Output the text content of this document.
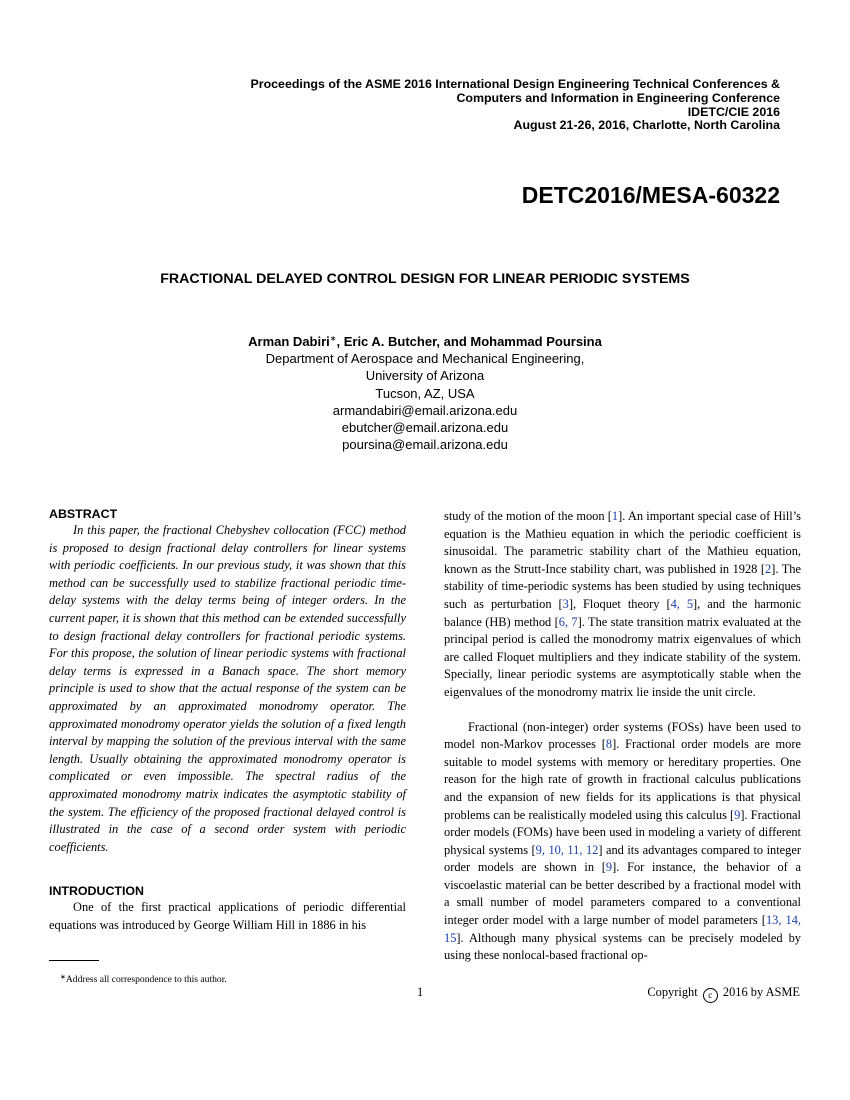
Proceedings of the ASME 2016 International Design Engineering Technical Conferences &
Computers and Information in Engineering Conference
IDETC/CIE 2016
August 21-26, 2016, Charlotte, North Carolina
DETC2016/MESA-60322
FRACTIONAL DELAYED CONTROL DESIGN FOR LINEAR PERIODIC SYSTEMS
Arman Dabiri∗, Eric A. Butcher, and Mohammad Poursina
Department of Aerospace and Mechanical Engineering,
University of Arizona
Tucson, AZ, USA
armandabiri@email.arizona.edu
ebutcher@email.arizona.edu
poursina@email.arizona.edu
ABSTRACT

In this paper, the fractional Chebyshev collocation (FCC) method is proposed to design fractional delay controllers for linear systems with periodic coefficients. In our previous study, it was shown that this method can be successfully used to stabilize fractional periodic time-delay systems with the delay terms being of integer orders. In the current paper, it is shown that this method can be extended successfully to design fractional delay controllers for fractional periodic systems. For this propose, the solution of linear periodic systems with fractional delay terms is expressed in a Banach space. The short memory principle is used to show that the actual response of the system can be approximated by an approximated monodromy operator. The approximated monodromy operator yields the solution of a fixed length interval by mapping the solution of the previous interval with the same length. Usually obtaining the approximated monodromy operator is complicated or even impossible. The spectral radius of the approximated monodromy matrix indicates the asymptotic stability of the system. The efficiency of the proposed fractional delayed control is illustrated in the case of a second order system with periodic coefficients.

INTRODUCTION

One of the first practical applications of periodic differential equations was introduced by George William Hill in 1886 in his

study of the motion of the moon [1]. An important special case of Hill’s equation is the Mathieu equation in which the periodic coefficient is sinusoidal. The parametric stability chart of the Mathieu equation, known as the Strutt-Ince stability chart, was published in 1928 [2]. The stability of time-periodic systems has been studied by using techniques such as perturbation [3], Floquet theory [4, 5], and the harmonic balance (HB) method [6, 7]. The state transition matrix evaluated at the principal period is called the monodromy matrix eigenvalues of which are called Floquet multipliers and they indicate stability of the system. Specially, linear periodic systems are asymptotically stable when the eigenvalues of the monodromy matrix lie inside the unit circle.

Fractional (non-integer) order systems (FOSs) have been used to model non-Markov processes [8]. Fractional order models are more suitable to model systems with memory or hereditary properties. One reason for the high rate of growth in fractional calculus publications and the expansion of new fields for its applications is that physical problems can be realistically modeled using this calculus [9]. Fractional order models (FOMs) have been used in modeling a variety of different physical systems [9, 10, 11, 12] and its advantages compared to integer order models are shown in [9]. For instance, the behavior of a viscoelastic material can be better described by a fractional model with a small number of model parameters compared to a conventional integer order model with a large number of model parameters [13, 14, 15]. Although many physical systems can be precisely modeled by using these nonlocal-based fractional op-

∗Address all correspondence to this author.
1	Copyright c 2016 by ASME
